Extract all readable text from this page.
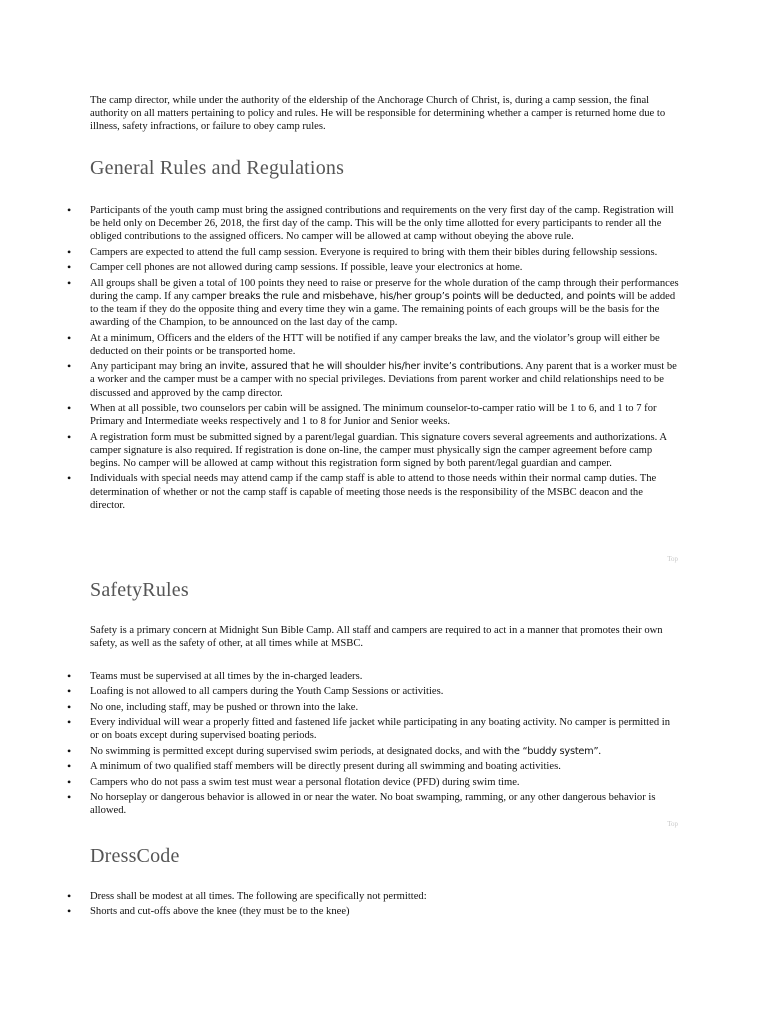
The camp director, while under the authority of the eldership of the Anchorage Church of Christ, is, during a camp session, the final authority on all matters pertaining to policy and rules. He will be responsible for determining whether a camper is returned home due to illness, safety infractions, or failure to obey camp rules.

General Rules and Regulations
• Participants of the youth camp must bring the assigned contributions and requirements on the very first day of the camp. Registration will be held only on December 26, 2018, the first day of the camp. This will be the only time allotted for every participants to render all the obliged contributions to the assigned officers. No camper will be allowed at camp without obeying the above rule.
• Campers are expected to attend the full camp session. Everyone is required to bring with them their bibles during fellowship sessions.
• Camper cell phones are not allowed during camp sessions. If possible, leave your electronics at home.
• All groups shall be given a total of 100 points they need to raise or preserve for the whole duration of the camp through their performances during the camp. If any camper breaks the rule and misbehave, his/her group’s points will be deducted, and points will be added to the team if they do the opposite thing and every time they win a game. The remaining points of each groups will be the basis for the awarding of the Champion, to be announced on the last day of the camp.
• At a minimum, Officers and the elders of the HTT will be notified if any camper breaks the law, and the violator’s group will either be deducted on their points or be transported home.
• Any participant may bring an invite, assured that he will shoulder his/her invite’s contributions. Any parent that is a worker must be a worker and the camper must be a camper with no special privileges. Deviations from parent worker and child relationships need to be discussed and approved by the camp director.
• When at all possible, two counselors per cabin will be assigned. The minimum counselor-to-camper ratio will be 1 to 6, and 1 to 7 for Primary and Intermediate weeks respectively and 1 to 8 for Junior and Senior weeks.
• A registration form must be submitted signed by a parent/legal guardian. This signature covers several agreements and authorizations. A camper signature is also required. If registration is done on-line, the camper must physically sign the camper agreement before camp begins. No camper will be allowed at camp without this registration form signed by both parent/legal guardian and camper.
• Individuals with special needs may attend camp if the camp staff is able to attend to those needs within their normal camp duties. The determination of whether or not the camp staff is capable of meeting those needs is the responsibility of the MSBC deacon and the director.
Top
SafetyRules

Safety is a primary concern at Midnight Sun Bible Camp. All staff and campers are required to act in a manner that promotes their own safety, as well as the safety of other, at all times while at MSBC.

• Teams must be supervised at all times by the in-charged leaders.
• Loafing is not allowed to all campers during the Youth Camp Sessions or activities.
• No one, including staff, may be pushed or thrown into the lake.
• Every individual will wear a properly fitted and fastened life jacket while participating in any boating activity. No camper is permitted in or on boats except during supervised boating periods.
• No swimming is permitted except during supervised swim periods, at designated docks, and with the “buddy system”.
• A minimum of two qualified staff members will be directly present during all swimming and boating activities.
• Campers who do not pass a swim test must wear a personal flotation device (PFD) during swim time.
• No horseplay or dangerous behavior is allowed in or near the water. No boat swamping, ramming, or any other dangerous behavior is allowed.
Top
DressCode
• Dress shall be modest at all times. The following are specifically not permitted:
• Shorts and cut-offs above the knee (they must be to the knee)
